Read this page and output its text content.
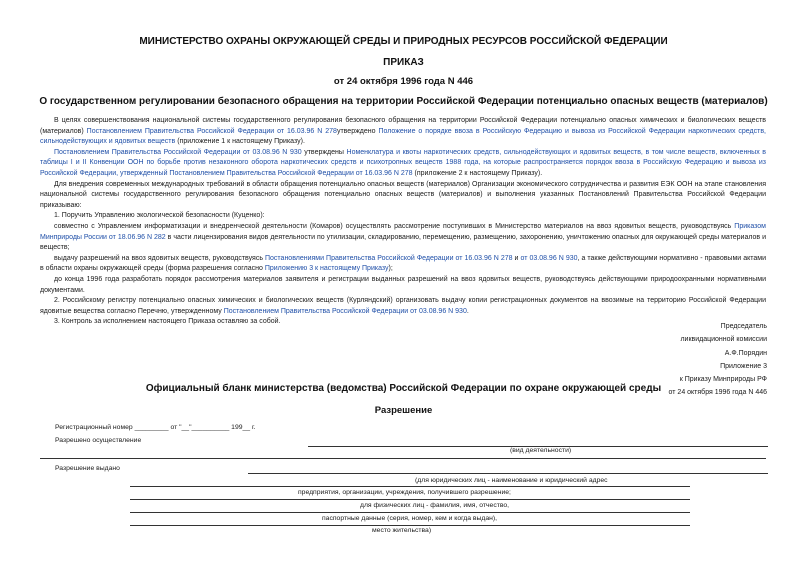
МИНИСТЕРСТВО ОХРАНЫ ОКРУЖАЮЩЕЙ СРЕДЫ И ПРИРОДНЫХ РЕСУРСОВ РОССИЙСКОЙ ФЕДЕРАЦИИ
ПРИКАЗ
от 24 октября 1996 года N 446
О государственном регулировании безопасного обращения на территории Российской Федерации потенциально опасных веществ (материалов)

В целях совершенствования национальной системы государственного регулирования безопасного обращения на территории Российской Федерации потенциально опасных химических и биологических веществ (материалов) Постановлением Правительства Российской Федерации от 16.03.96 N 278утверждено Положение о порядке ввоза в Российскую Федерацию и вывоза из Российской Федерации наркотических средств, сильнодействующих и ядовитых веществ (приложение 1 к настоящему Приказу).

Постановлением Правительства Российской Федерации от 03.08.96 N 930 утверждены Номенклатура и квоты наркотических средств, сильнодействующих и ядовитых веществ, в том числе веществ, включенных в таблицы I и II Конвенции ООН по борьбе против незаконного оборота наркотических средств и психотропных веществ 1988 года, на которые распространяется порядок ввоза в Российскую Федерацию и вывоза из Российской Федерации, утвержденный Постановлением Правительства Российской Федерации от 16.03.96 N 278 (приложение 2 к настоящему Приказу).

Для внедрения современных международных требований в области обращения потенциально опасных веществ (материалов) Организации экономического сотрудничества и развития ЕЭК ООН на этапе становления национальной системы государственного регулирования безопасного обращения потенциально опасных веществ (материалов) и выполнения указанных Постановлений Правительства Российской Федерации приказываю:

1. Поручить Управлению экологической безопасности (Куценко):

совместно с Управлением информатизации и внедренческой деятельности (Комаров) осуществлять рассмотрение поступивших в Министерство материалов на ввоз ядовитых веществ, руководствуясь Приказом Минприроды России от 18.06.96 N 282 в части лицензирования видов деятельности по утилизации, складированию, перемещению, размещению, захоронению, уничтожению опасных для окружающей среды материалов и веществ;

выдачу разрешений на ввоз ядовитых веществ, руководствуясь Постановлениями Правительства Российской Федерации от 16.03.96 N 278 и от 03.08.96 N 930, а также действующими нормативно - правовыми актами в области охраны окружающей среды (форма разрешения согласно Приложению 3 к настоящему Приказу);

до конца 1996 года разработать порядок рассмотрения материалов заявителя и регистрации выданных разрешений на ввоз ядовитых веществ, руководствуясь действующими природоохранными нормативными документами.

2. Российскому регистру потенциально опасных химических и биологических веществ (Курляндский) организовать выдачу копии регистрационных документов на ввозимые на территорию Российской Федерации ядовитые вещества согласно Перечню, утвержденному Постановлением Правительства Российской Федерации от 03.08.96 N 930.

3. Контроль за исполнением настоящего Приказа оставляю за собой.

Председатель
ликвидационной комиссии
А.Ф.Порядин
Приложение 3
к Приказу Минприроды РФ
от 24 октября 1996 года N 446
Официальный бланк министерства (ведомства) Российской Федерации по охране окружающей среды
Разрешение
Регистрационный номер _________ от "__"__________ 199__ г.
Разрешено осуществление
(вид деятельности)
Разрешение выдано
(для юридических лиц - наименование и юридический адрес
предприятия, организации, учреждения, получившего разрешение;
для физических лиц - фамилия, имя, отчество,
паспортные данные (серия, номер, кем и когда выдан),
место жительства)
